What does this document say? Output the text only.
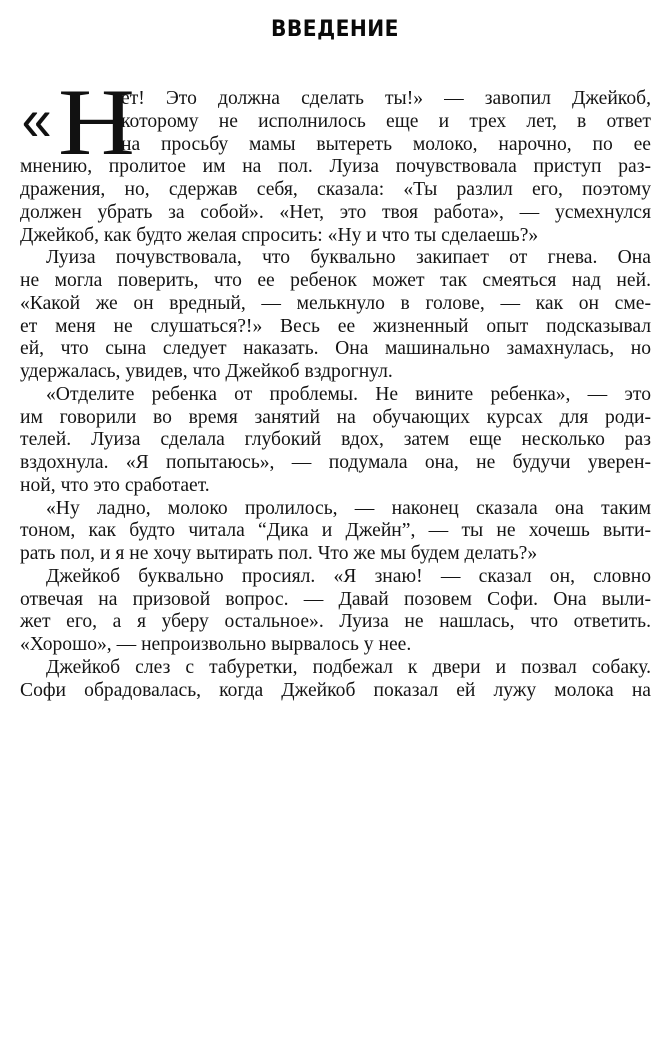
ВВЕДЕНИЕ
« Н
ет! Это должна сделать ты!» — завопил Джейкоб,
которому не исполнилось еще и трех лет, в ответ
на просьбу мамы вытереть молоко, нарочно, по ее
мнению, пролитое им на пол. Луиза почувствовала приступ раз-
дражения, но, сдержав себя, сказала: «Ты разлил его, поэтому
должен убрать за собой». «Нет, это твоя работа», — усмехнулся
Джейкоб, как будто желая спросить: «Ну и что ты сделаешь?»
Луиза почувствовала, что буквально закипает от гнева. Она
не могла поверить, что ее ребенок может так смеяться над ней.
«Какой же он вредный, — мелькнуло в голове, — как он сме-
ет меня не слушаться?!» Весь ее жизненный опыт подсказывал
ей, что сына следует наказать. Она машинально замахнулась, но
удержалась, увидев, что Джейкоб вздрогнул.
«Отделите ребенка от проблемы. Не вините ребенка», — это
им говорили во время занятий на обучающих курсах для роди-
телей. Луиза сделала глубокий вдох, затем еще несколько раз
вздохнула. «Я попытаюсь», — подумала она, не будучи уверен-
ной, что это сработает.
«Ну ладно, молоко пролилось, — наконец сказала она таким
тоном, как будто читала “Дика и Джейн”, — ты не хочешь выти-
рать пол, и я не хочу вытирать пол. Что же мы будем делать?»
Джейкоб буквально просиял. «Я знаю! — сказал он, словно
отвечая на призовой вопрос. — Давай позовем Софи. Она выли-
жет его, а я уберу остальное». Луиза не нашлась, что ответить.
«Хорошо», — непроизвольно вырвалось у нее.
Джейкоб слез с табуретки, подбежал к двери и позвал собаку.
Софи обрадовалась, когда Джейкоб показал ей лужу молока на
